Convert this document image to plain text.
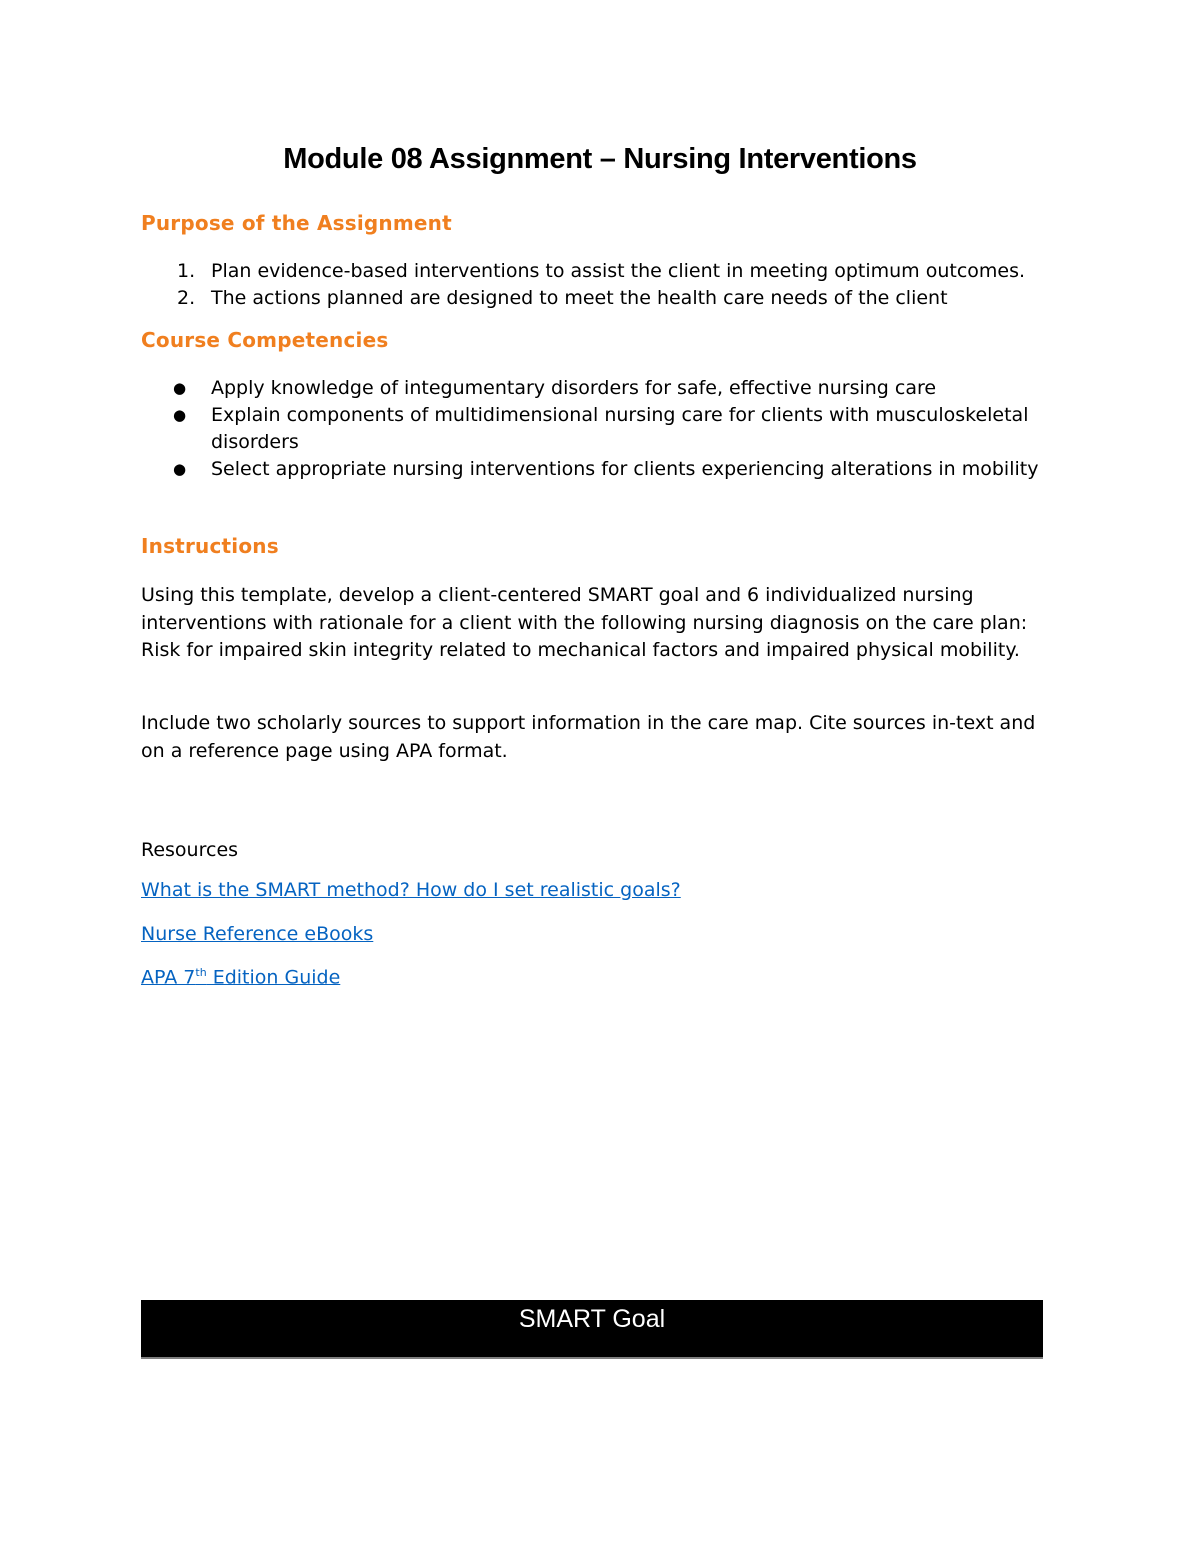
Module 08 Assignment – Nursing Interventions
Purpose of the Assignment
1. Plan evidence-based interventions to assist the client in meeting optimum outcomes.
2. The actions planned are designed to meet the health care needs of the client
Course Competencies
● Apply knowledge of integumentary disorders for safe, effective nursing care
● Explain components of multidimensional nursing care for clients with musculoskeletal disorders
● Select appropriate nursing interventions for clients experiencing alterations in mobility
Instructions

Using this template, develop a client-centered SMART goal and 6 individualized nursing interventions with rationale for a client with the following nursing diagnosis on the care plan: Risk for impaired skin integrity related to mechanical factors and impaired physical mobility.

Include two scholarly sources to support information in the care map. Cite sources in-text and on a reference page using APA format.

Resources

What is the SMART method? How do I set realistic goals?
Nurse Reference eBooks
APA 7th Edition Guide
SMART Goal
